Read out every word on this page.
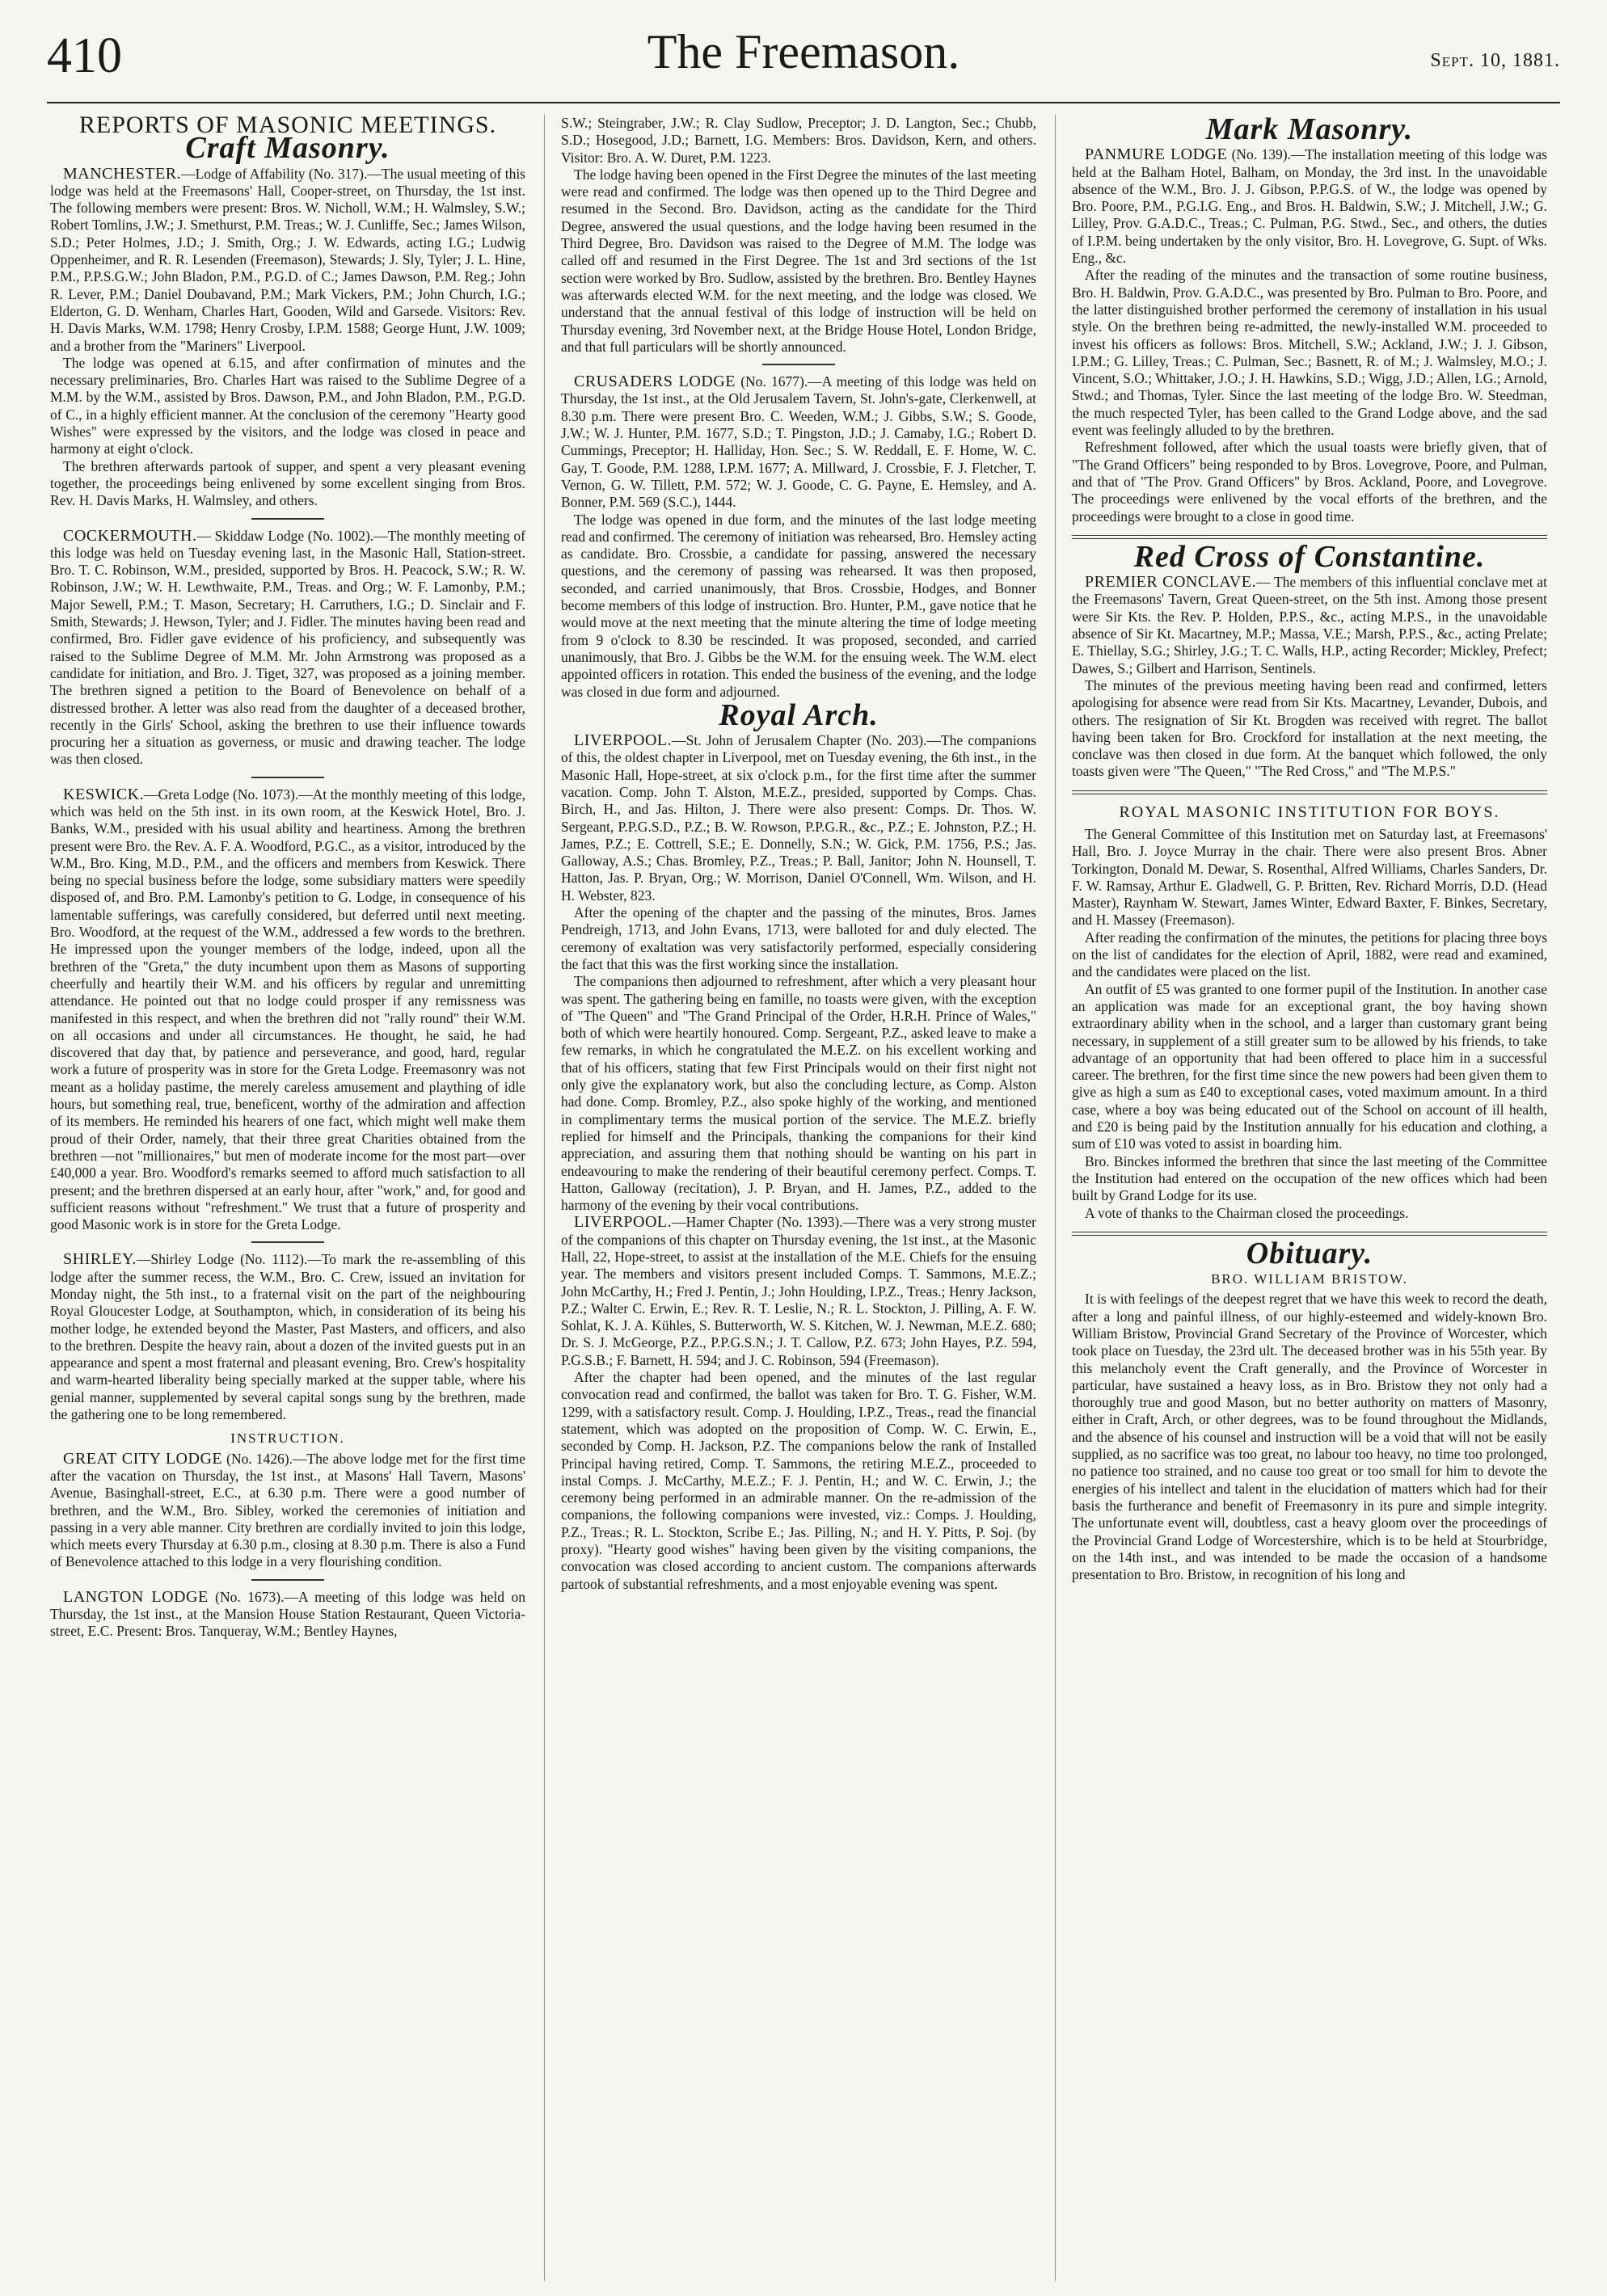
410	The Freemason.	Sept. 10, 1881.

REPORTS OF MASONIC MEETINGS.

Craft Masonry.

MANCHESTER.—Lodge of Affability (No. 317).—The usual meeting of this lodge was held at the Freemasons' Hall, Cooper-street, on Thursday, the 1st inst. The following members were present: Bros. W. Nicholl, W.M.; H. Walmsley, S.W.; Robert Tomlins, J.W.; J. Smethurst, P.M. Treas.; W. J. Cunliffe, Sec.; James Wilson, S.D.; Peter Holmes, J.D.; J. Smith, Org.; J. W. Edwards, acting I.G.; Ludwig Oppenheimer, and R. R. Lesenden (Freemason), Stewards; J. Sly, Tyler; J. L. Hine, P.M., P.P.S.G.W.; John Bladon, P.M., P.G.D. of C.; James Dawson, P.M. Reg.; John R. Lever, P.M.; Daniel Doubavand, P.M.; Mark Vickers, P.M.; John Church, I.G.; Elderton, G. D. Wenham, Charles Hart, Gooden, Wild and Garsede. Visitors: Rev. H. Davis Marks, W.M. 1798; Henry Crosby, I.P.M. 1588; George Hunt, J.W. 1009; and a brother from the "Mariners" Liverpool.

The lodge was opened at 6.15, and after confirmation of minutes and the necessary preliminaries, Bro. Charles Hart was raised to the Sublime Degree of a M.M. by the W.M., assisted by Bros. Dawson, P.M., and John Bladon, P.M., P.G.D. of C., in a highly efficient manner. At the conclusion of the ceremony "Hearty good Wishes" were expressed by the visitors, and the lodge was closed in peace and harmony at eight o'clock.

The brethren afterwards partook of supper, and spent a very pleasant evening together, the proceedings being enlivened by some excellent singing from Bros. Rev. H. Davis Marks, H. Walmsley, and others.

COCKERMOUTH.— Skiddaw Lodge (No. 1002).—The monthly meeting of this lodge was held on Tuesday evening last, in the Masonic Hall, Station-street. Bro. T. C. Robinson, W.M., presided, supported by Bros. H. Peacock, S.W.; R. W. Robinson, J.W.; W. H. Lewthwaite, P.M., Treas. and Org.; W. F. Lamonby, P.M.; Major Sewell, P.M.; T. Mason, Secretary; H. Carruthers, I.G.; D. Sinclair and F. Smith, Stewards; J. Hewson, Tyler; and J. Fidler. The minutes having been read and confirmed, Bro. Fidler gave evidence of his proficiency, and subsequently was raised to the Sublime Degree of M.M. Mr. John Armstrong was proposed as a candidate for initiation, and Bro. J. Tiget, 327, was proposed as a joining member. The brethren signed a petition to the Board of Benevolence on behalf of a distressed brother. A letter was also read from the daughter of a deceased brother, recently in the Girls' School, asking the brethren to use their influence towards procuring her a situation as governess, or music and drawing teacher. The lodge was then closed.

KESWICK.—Greta Lodge (No. 1073).—At the monthly meeting of this lodge, which was held on the 5th inst. in its own room, at the Keswick Hotel, Bro. J. Banks, W.M., presided with his usual ability and heartiness. Among the brethren present were Bro. the Rev. A. F. A. Woodford, P.G.C., as a visitor, introduced by the W.M., Bro. King, M.D., P.M., and the officers and members from Keswick. There being no special business before the lodge, some subsidiary matters were speedily disposed of, and Bro. P.M. Lamonby's petition to G. Lodge, in consequence of his lamentable sufferings, was carefully considered, but deferred until next meeting. Bro. Woodford, at the request of the W.M., addressed a few words to the brethren. He impressed upon the younger members of the lodge, indeed, upon all the brethren of the "Greta," the duty incumbent upon them as Masons of supporting cheerfully and heartily their W.M. and his officers by regular and unremitting attendance. He pointed out that no lodge could prosper if any remissness was manifested in this respect, and when the brethren did not "rally round" their W.M. on all occasions and under all circumstances. He thought, he said, he had discovered that day that, by patience and perseverance, and good, hard, regular work a future of prosperity was in store for the Greta Lodge. Freemasonry was not meant as a holiday pastime, the merely careless amusement and plaything of idle hours, but something real, true, beneficent, worthy of the admiration and affection of its members. He reminded his hearers of one fact, which might well make them proud of their Order, namely, that their three great Charities obtained from the brethren —not "millionaires," but men of moderate income for the most part—over £40,000 a year. Bro. Woodford's remarks seemed to afford much satisfaction to all present; and the brethren dispersed at an early hour, after "work," and, for good and sufficient reasons without "refreshment." We trust that a future of prosperity and good Masonic work is in store for the Greta Lodge.

SHIRLEY.—Shirley Lodge (No. 1112).—To mark the re-assembling of this lodge after the summer recess, the W.M., Bro. C. Crew, issued an invitation for Monday night, the 5th inst., to a fraternal visit on the part of the neighbouring Royal Gloucester Lodge, at Southampton, which, in consideration of its being his mother lodge, he extended beyond the Master, Past Masters, and officers, and also to the brethren. Despite the heavy rain, about a dozen of the invited guests put in an appearance and spent a most fraternal and pleasant evening, Bro. Crew's hospitality and warm-hearted liberality being specially marked at the supper table, where his genial manner, supplemented by several capital songs sung by the brethren, made the gathering one to be long remembered.

INSTRUCTION.

GREAT CITY LODGE (No. 1426).—The above lodge met for the first time after the vacation on Thursday, the 1st inst., at Masons' Hall Tavern, Masons' Avenue, Basinghall-street, E.C., at 6.30 p.m. There were a good number of brethren, and the W.M., Bro. Sibley, worked the ceremonies of initiation and passing in a very able manner. City brethren are cordially invited to join this lodge, which meets every Thursday at 6.30 p.m., closing at 8.30 p.m. There is also a Fund of Benevolence attached to this lodge in a very flourishing condition.

LANGTON LODGE (No. 1673).—A meeting of this lodge was held on Thursday, the 1st inst., at the Mansion House Station Restaurant, Queen Victoria-street, E.C. Present: Bros. Tanqueray, W.M.; Bentley Haynes,

S.W.; Steingraber, J.W.; R. Clay Sudlow, Preceptor; J. D. Langton, Sec.; Chubb, S.D.; Hosegood, J.D.; Barnett, I.G. Members: Bros. Davidson, Kern, and others. Visitor: Bro. A. W. Duret, P.M. 1223.

The lodge having been opened in the First Degree the minutes of the last meeting were read and confirmed. The lodge was then opened up to the Third Degree and resumed in the Second. Bro. Davidson, acting as the candidate for the Third Degree, answered the usual questions, and the lodge having been resumed in the Third Degree, Bro. Davidson was raised to the Degree of M.M. The lodge was called off and resumed in the First Degree. The 1st and 3rd sections of the 1st section were worked by Bro. Sudlow, assisted by the brethren. Bro. Bentley Haynes was afterwards elected W.M. for the next meeting, and the lodge was closed. We understand that the annual festival of this lodge of instruction will be held on Thursday evening, 3rd November next, at the Bridge House Hotel, London Bridge, and that full particulars will be shortly announced.

CRUSADERS LODGE (No. 1677).—A meeting of this lodge was held on Thursday, the 1st inst., at the Old Jerusalem Tavern, St. John's-gate, Clerkenwell, at 8.30 p.m. There were present Bro. C. Weeden, W.M.; J. Gibbs, S.W.; S. Goode, J.W.; W. J. Hunter, P.M. 1677, S.D.; T. Pingston, J.D.; J. Camaby, I.G.; Robert D. Cummings, Preceptor; H. Halliday, Hon. Sec.; S. W. Reddall, E. F. Home, W. C. Gay, T. Goode, P.M. 1288, I.P.M. 1677; A. Millward, J. Crossbie, F. J. Fletcher, T. Vernon, G. W. Tillett, P.M. 572; W. J. Goode, C. G. Payne, E. Hemsley, and A. Bonner, P.M. 569 (S.C.), 1444.

The lodge was opened in due form, and the minutes of the last lodge meeting read and confirmed. The ceremony of initiation was rehearsed, Bro. Hemsley acting as candidate. Bro. Crossbie, a candidate for passing, answered the necessary questions, and the ceremony of passing was rehearsed. It was then proposed, seconded, and carried unanimously, that Bros. Crossbie, Hodges, and Bonner become members of this lodge of instruction. Bro. Hunter, P.M., gave notice that he would move at the next meeting that the minute altering the time of lodge meeting from 9 o'clock to 8.30 be rescinded. It was proposed, seconded, and carried unanimously, that Bro. J. Gibbs be the W.M. for the ensuing week. The W.M. elect appointed officers in rotation. This ended the business of the evening, and the lodge was closed in due form and adjourned.

Royal Arch.

LIVERPOOL.—St. John of Jerusalem Chapter (No. 203).—The companions of this, the oldest chapter in Liverpool, met on Tuesday evening, the 6th inst., in the Masonic Hall, Hope-street, at six o'clock p.m., for the first time after the summer vacation. Comp. John T. Alston, M.E.Z., presided, supported by Comps. Chas. Birch, H., and Jas. Hilton, J. There were also present: Comps. Dr. Thos. W. Sergeant, P.P.G.S.D., P.Z.; B. W. Rowson, P.P.G.R., &c., P.Z.; E. Johnston, P.Z.; H. James, P.Z.; E. Cottrell, S.E.; E. Donnelly, S.N.; W. Gick, P.M. 1756, P.S.; Jas. Galloway, A.S.; Chas. Bromley, P.Z., Treas.; P. Ball, Janitor; John N. Hounsell, T. Hatton, Jas. P. Bryan, Org.; W. Morrison, Daniel O'Connell, Wm. Wilson, and H. H. Webster, 823.

After the opening of the chapter and the passing of the minutes, Bros. James Pendreigh, 1713, and John Evans, 1713, were balloted for and duly elected. The ceremony of exaltation was very satisfactorily performed, especially considering the fact that this was the first working since the installation.

The companions then adjourned to refreshment, after which a very pleasant hour was spent. The gathering being en famille, no toasts were given, with the exception of "The Queen" and "The Grand Principal of the Order, H.R.H. Prince of Wales," both of which were heartily honoured. Comp. Sergeant, P.Z., asked leave to make a few remarks, in which he congratulated the M.E.Z. on his excellent working and that of his officers, stating that few First Principals would on their first night not only give the explanatory work, but also the concluding lecture, as Comp. Alston had done. Comp. Bromley, P.Z., also spoke highly of the working, and mentioned in complimentary terms the musical portion of the service. The M.E.Z. briefly replied for himself and the Principals, thanking the companions for their kind appreciation, and assuring them that nothing should be wanting on his part in endeavouring to make the rendering of their beautiful ceremony perfect. Comps. T. Hatton, Galloway (recitation), J. P. Bryan, and H. James, P.Z., added to the harmony of the evening by their vocal contributions.

LIVERPOOL.—Hamer Chapter (No. 1393).—There was a very strong muster of the companions of this chapter on Thursday evening, the 1st inst., at the Masonic Hall, 22, Hope-street, to assist at the installation of the M.E. Chiefs for the ensuing year. The members and visitors present included Comps. T. Sammons, M.E.Z.; John McCarthy, H.; Fred J. Pentin, J.; John Houlding, I.P.Z., Treas.; Henry Jackson, P.Z.; Walter C. Erwin, E.; Rev. R. T. Leslie, N.; R. L. Stockton, J. Pilling, A. F. W. Sohlat, K. J. A. Kühles, S. Butterworth, W. S. Kitchen, W. J. Newman, M.E.Z. 680; Dr. S. J. McGeorge, P.Z., P.P.G.S.N.; J. T. Callow, P.Z. 673; John Hayes, P.Z. 594, P.G.S.B.; F. Barnett, H. 594; and J. C. Robinson, 594 (Freemason).

After the chapter had been opened, and the minutes of the last regular convocation read and confirmed, the ballot was taken for Bro. T. G. Fisher, W.M. 1299, with a satisfactory result. Comp. J. Houlding, I.P.Z., Treas., read the financial statement, which was adopted on the proposition of Comp. W. C. Erwin, E., seconded by Comp. H. Jackson, P.Z. The companions below the rank of Installed Principal having retired, Comp. T. Sammons, the retiring M.E.Z., proceeded to instal Comps. J. McCarthy, M.E.Z.; F. J. Pentin, H.; and W. C. Erwin, J.; the ceremony being performed in an admirable manner. On the re-admission of the companions, the following companions were invested, viz.: Comps. J. Houlding, P.Z., Treas.; R. L. Stockton, Scribe E.; Jas. Pilling, N.; and H. Y. Pitts, P. Soj. (by proxy). "Hearty good wishes" having been given by the visiting companions, the convocation was closed according to ancient custom. The companions afterwards partook of substantial refreshments, and a most enjoyable evening was spent.

Mark Masonry.

PANMURE LODGE (No. 139).—The installation meeting of this lodge was held at the Balham Hotel, Balham, on Monday, the 3rd inst. In the unavoidable absence of the W.M., Bro. J. J. Gibson, P.P.G.S. of W., the lodge was opened by Bro. Poore, P.M., P.G.I.G. Eng., and Bros. H. Baldwin, S.W.; J. Mitchell, J.W.; G. Lilley, Prov. G.A.D.C., Treas.; C. Pulman, P.G. Stwd., Sec., and others, the duties of I.P.M. being undertaken by the only visitor, Bro. H. Lovegrove, G. Supt. of Wks. Eng., &c.

After the reading of the minutes and the transaction of some routine business, Bro. H. Baldwin, Prov. G.A.D.C., was presented by Bro. Pulman to Bro. Poore, and the latter distinguished brother performed the ceremony of installation in his usual style. On the brethren being re-admitted, the newly-installed W.M. proceeded to invest his officers as follows: Bros. Mitchell, S.W.; Ackland, J.W.; J. J. Gibson, I.P.M.; G. Lilley, Treas.; C. Pulman, Sec.; Basnett, R. of M.; J. Walmsley, M.O.; J. Vincent, S.O.; Whittaker, J.O.; J. H. Hawkins, S.D.; Wigg, J.D.; Allen, I.G.; Arnold, Stwd.; and Thomas, Tyler. Since the last meeting of the lodge Bro. W. Steedman, the much respected Tyler, has been called to the Grand Lodge above, and the sad event was feelingly alluded to by the brethren.

Refreshment followed, after which the usual toasts were briefly given, that of "The Grand Officers" being responded to by Bros. Lovegrove, Poore, and Pulman, and that of "The Prov. Grand Officers" by Bros. Ackland, Poore, and Lovegrove. The proceedings were enlivened by the vocal efforts of the brethren, and the proceedings were brought to a close in good time.

Red Cross of Constantine.

PREMIER CONCLAVE.— The members of this influential conclave met at the Freemasons' Tavern, Great Queen-street, on the 5th inst. Among those present were Sir Kts. the Rev. P. Holden, P.P.S., &c., acting M.P.S., in the unavoidable absence of Sir Kt. Macartney, M.P.; Massa, V.E.; Marsh, P.P.S., &c., acting Prelate; E. Thiellay, S.G.; Shirley, J.G.; T. C. Walls, H.P., acting Recorder; Mickley, Prefect; Dawes, S.; Gilbert and Harrison, Sentinels.

The minutes of the previous meeting having been read and confirmed, letters apologising for absence were read from Sir Kts. Macartney, Levander, Dubois, and others. The resignation of Sir Kt. Brogden was received with regret. The ballot having been taken for Bro. Crockford for installation at the next meeting, the conclave was then closed in due form. At the banquet which followed, the only toasts given were "The Queen," "The Red Cross," and "The M.P.S."

ROYAL MASONIC INSTITUTION FOR BOYS.

The General Committee of this Institution met on Saturday last, at Freemasons' Hall, Bro. J. Joyce Murray in the chair. There were also present Bros. Abner Torkington, Donald M. Dewar, S. Rosenthal, Alfred Williams, Charles Sanders, Dr. F. W. Ramsay, Arthur E. Gladwell, G. P. Britten, Rev. Richard Morris, D.D. (Head Master), Raynham W. Stewart, James Winter, Edward Baxter, F. Binkes, Secretary, and H. Massey (Freemason).

After reading the confirmation of the minutes, the petitions for placing three boys on the list of candidates for the election of April, 1882, were read and examined, and the candidates were placed on the list.

An outfit of £5 was granted to one former pupil of the Institution. In another case an application was made for an exceptional grant, the boy having shown extraordinary ability when in the school, and a larger than customary grant being necessary, in supplement of a still greater sum to be allowed by his friends, to take advantage of an opportunity that had been offered to place him in a successful career. The brethren, for the first time since the new powers had been given them to give as high a sum as £40 to exceptional cases, voted maximum amount. In a third case, where a boy was being educated out of the School on account of ill health, and £20 is being paid by the Institution annually for his education and clothing, a sum of £10 was voted to assist in boarding him.

Bro. Binckes informed the brethren that since the last meeting of the Committee the Institution had entered on the occupation of the new offices which had been built by Grand Lodge for its use.

A vote of thanks to the Chairman closed the proceedings.

Obituary.

BRO. WILLIAM BRISTOW.

It is with feelings of the deepest regret that we have this week to record the death, after a long and painful illness, of our highly-esteemed and widely-known Bro. William Bristow, Provincial Grand Secretary of the Province of Worcester, which took place on Tuesday, the 23rd ult. The deceased brother was in his 55th year. By this melancholy event the Craft generally, and the Province of Worcester in particular, have sustained a heavy loss, as in Bro. Bristow they not only had a thoroughly true and good Mason, but no better authority on matters of Masonry, either in Craft, Arch, or other degrees, was to be found throughout the Midlands, and the absence of his counsel and instruction will be a void that will not be easily supplied, as no sacrifice was too great, no labour too heavy, no time too prolonged, no patience too strained, and no cause too great or too small for him to devote the energies of his intellect and talent in the elucidation of matters which had for their basis the furtherance and benefit of Freemasonry in its pure and simple integrity. The unfortunate event will, doubtless, cast a heavy gloom over the proceedings of the Provincial Grand Lodge of Worcestershire, which is to be held at Stourbridge, on the 14th inst., and was intended to be made the occasion of a handsome presentation to Bro. Bristow, in recognition of his long and
